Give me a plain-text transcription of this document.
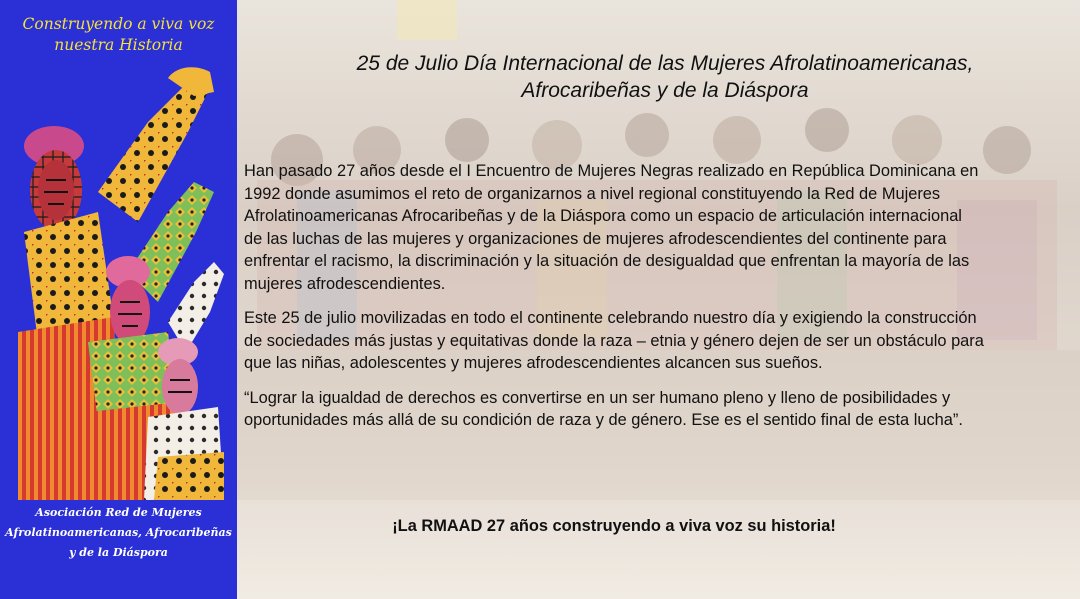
Construyendo a viva voz
nuestra Historia
Asociación Red de Mujeres
Afrolatinoamericanas, Afrocaribeñas
y de la Diáspora
25 de Julio Día Internacional de las Mujeres Afrolatinoamericanas,
Afrocaribeñas y de la Diáspora

Han pasado 27 años desde el I Encuentro de Mujeres Negras realizado en República Dominicana en 1992 donde asumimos el reto de organizarnos a nivel regional constituyendo la Red de Mujeres Afrolatinoamericanas Afrocaribeñas y de la Diáspora como un espacio de articulación internacional de las luchas de las mujeres y organizaciones de mujeres afrodescendientes del continente para enfrentar el racismo, la discriminación y la situación de desigualdad que enfrentan la mayoría de las mujeres afrodescendientes.

Este 25 de julio movilizadas en todo el continente celebrando nuestro día y exigiendo la construcción de sociedades más justas y equitativas donde la raza – etnia y género dejen de ser un obstáculo para que las niñas, adolescentes y mujeres afrodescendientes alcancen sus sueños.

“Lograr la igualdad de derechos es convertirse en un ser humano pleno y lleno de posibilidades y oportunidades más allá de su condición de raza y de género. Ese es el sentido final de esta lucha”.

¡La RMAAD 27 años construyendo a viva voz su historia!
